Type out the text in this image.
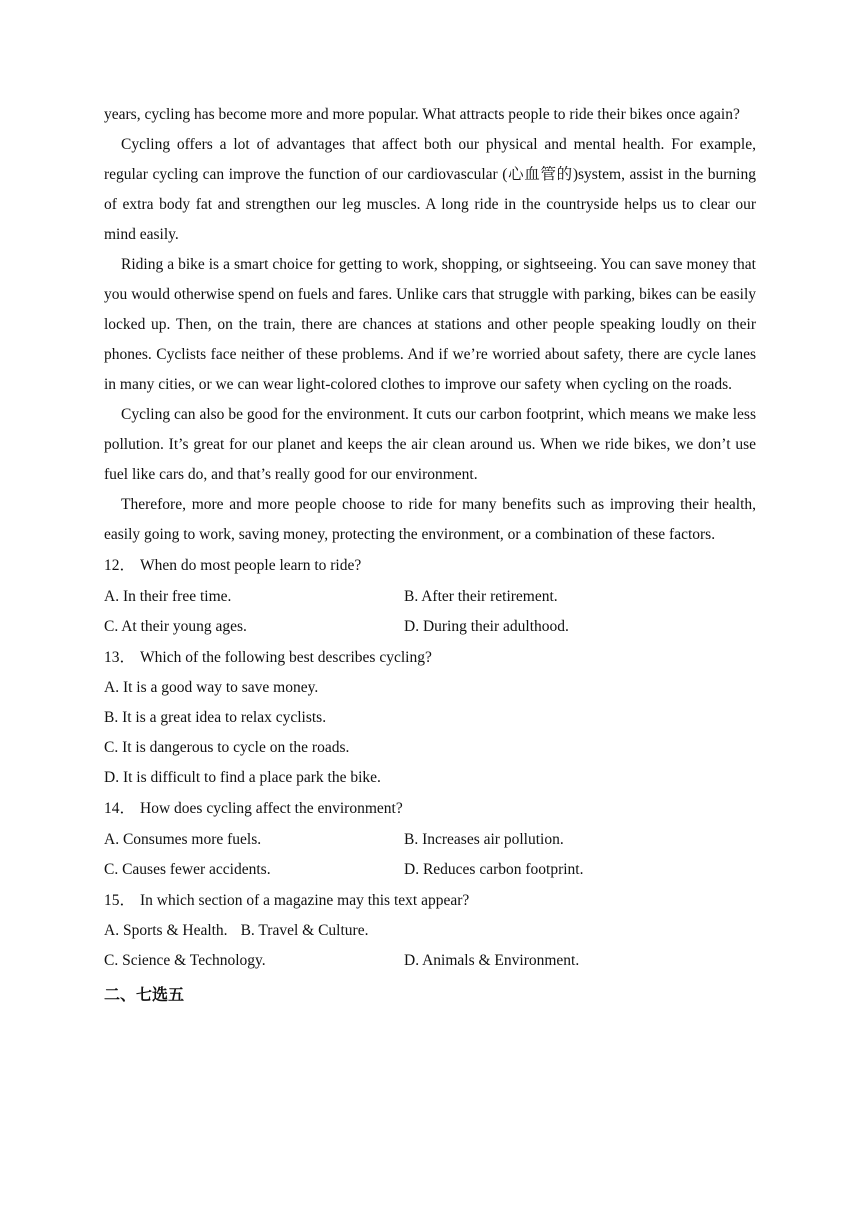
years, cycling has become more and more popular. What attracts people to ride their bikes once again?

Cycling offers a lot of advantages that affect both our physical and mental health. For example, regular cycling can improve the function of our cardiovascular (心血管的)system, assist in the burning of extra body fat and strengthen our leg muscles. A long ride in the countryside helps us to clear our mind easily.

Riding a bike is a smart choice for getting to work, shopping, or sightseeing. You can save money that you would otherwise spend on fuels and fares. Unlike cars that struggle with parking, bikes can be easily locked up. Then, on the train, there are chances at stations and other people speaking loudly on their phones. Cyclists face neither of these problems. And if we’re worried about safety, there are cycle lanes in many cities, or we can wear light-colored clothes to improve our safety when cycling on the roads.

Cycling can also be good for the environment. It cuts our carbon footprint, which means we make less pollution. It’s great for our planet and keeps the air clean around us. When we ride bikes, we don’t use fuel like cars do, and that’s really good for our environment.

Therefore, more and more people choose to ride for many benefits such as improving their health, easily going to work, saving money, protecting the environment, or a combination of these factors.

12． When do most people learn to ride?

A. In their free time.	B. After their retirement.
C. At their young ages.	D. During their adulthood.

13． Which of the following best describes cycling?

A. It is a good way to save money.

B. It is a great idea to relax cyclists.

C. It is dangerous to cycle on the roads.

D. It is difficult to find a place park the bike.

14． How does cycling affect the environment?

A. Consumes more fuels.	B. Increases air pollution.
C. Causes fewer accidents.	D. Reduces carbon footprint.

15． In which section of a magazine may this text appear?

A. Sports & Health. B. Travel & Culture.

C. Science & Technology.	D. Animals & Environment.
二、七选五
